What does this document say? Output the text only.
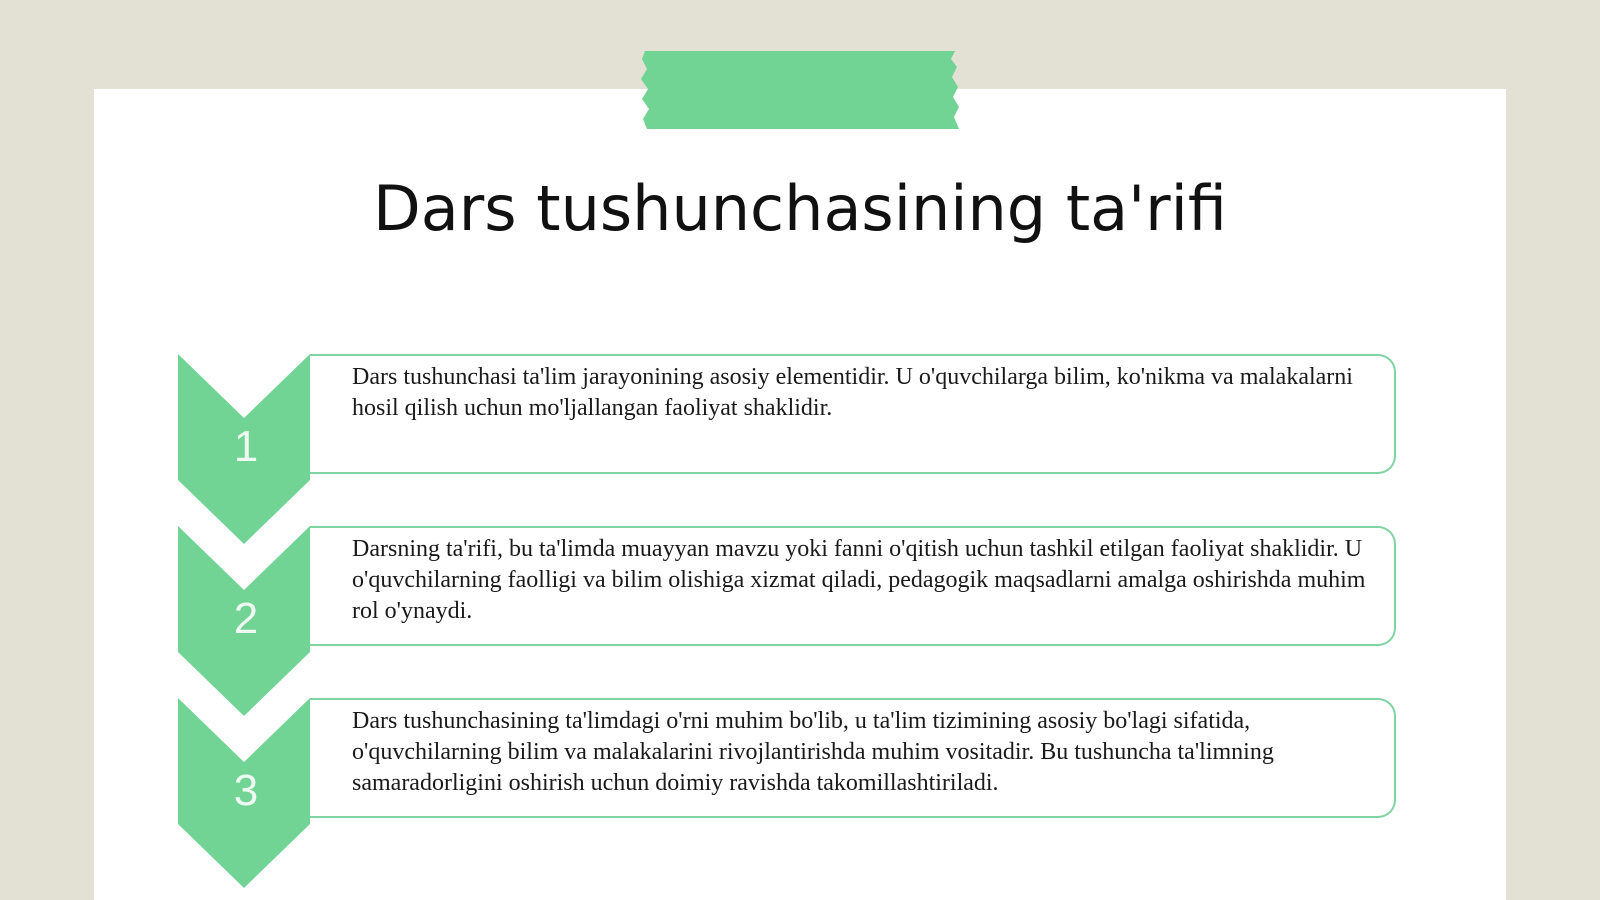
Dars tushunchasining ta'rifi
1
Dars tushunchasi ta'lim jarayonining asosiy elementidir. U o'quvchilarga bilim, ko'nikma va malakalarni hosil qilish uchun mo'ljallangan faoliyat shaklidir.
2
Darsning ta'rifi, bu ta'limda muayyan mavzu yoki fanni o'qitish uchun tashkil etilgan faoliyat shaklidir. U o'quvchilarning faolligi va bilim olishiga xizmat qiladi, pedagogik maqsadlarni amalga oshirishda muhim rol o'ynaydi.
3
Dars tushunchasining ta'limdagi o'rni muhim bo'lib, u ta'lim tizimining asosiy bo'lagi sifatida, o'quvchilarning bilim va malakalarini rivojlantirishda muhim vositadir. Bu tushuncha ta'limning samaradorligini oshirish uchun doimiy ravishda takomillashtiriladi.
